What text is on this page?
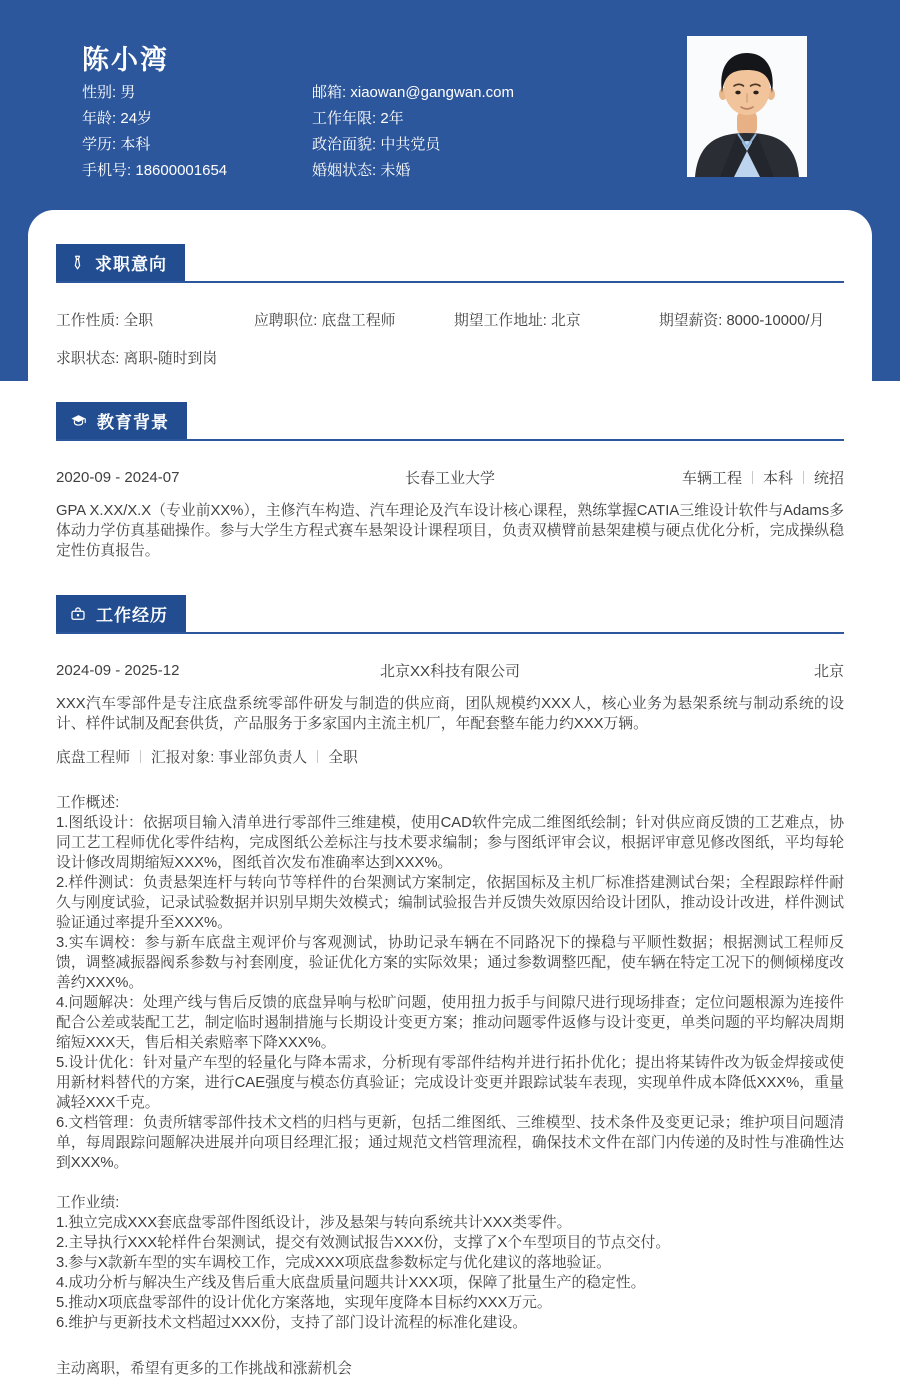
陈小湾
性别 : 男
年龄 : 24岁
学历 : 本科
手机号 : 18600001654
邮箱 : xiaowan@gangwan.com
工作年限 : 2年
政治面貌 : 中共党员
婚姻状态 : 未婚
求职意向
工作性质 : 全职	应聘职位 : 底盘工程师	期望工作地址 : 北京	期望薪资 : 8000-10000/月
求职状态 : 离职-随时到岗
教育背景
2020-09 - 2024-07	长春工业大学	车辆工程 本科 统招

GPA X.XX/X.X（专业前XX%），主修汽车构造、汽车理论及汽车设计核心课程，熟练掌握CATIA三维设计软件与Adams多体动力学仿真基础操作。参与大学生方程式赛车悬架设计课程项目，负责双横臂前悬架建模与硬点优化分析，完成操纵稳定性仿真报告。

工作经历
2024-09 - 2025-12	北京XX科技有限公司	北京

XXX汽车零部件是专注底盘系统零部件研发与制造的供应商，团队规模约XXX人，核心业务为悬架系统与制动系统的设计、样件试制及配套供货，产品服务于多家国内主流主机厂，年配套整车能力约XXX万辆。

底盘工程师 汇报对象: 事业部负责人 全职

工作概述:

1.图纸设计：依据项目输入清单进行零部件三维建模，使用CAD软件完成二维图纸绘制；针对供应商反馈的工艺难点，协同工艺工程师优化零件结构，完成图纸公差标注与技术要求编制；参与图纸评审会议，根据评审意见修改图纸，平均每轮设计修改周期缩短XXX%，图纸首次发布准确率达到XXX%。

2.样件测试：负责悬架连杆与转向节等样件的台架测试方案制定，依据国标及主机厂标准搭建测试台架；全程跟踪样件耐久与刚度试验，记录试验数据并识别早期失效模式；编制试验报告并反馈失效原因给设计团队，推动设计改进，样件测试验证通过率提升至XXX%。

3.实车调校：参与新车底盘主观评价与客观测试，协助记录车辆在不同路况下的操稳与平顺性数据；根据测试工程师反馈，调整减振器阀系参数与衬套刚度，验证优化方案的实际效果；通过参数调整匹配，使车辆在特定工况下的侧倾梯度改善约XXX%。

4.问题解决：处理产线与售后反馈的底盘异响与松旷问题，使用扭力扳手与间隙尺进行现场排查；定位问题根源为连接件配合公差或装配工艺，制定临时遏制措施与长期设计变更方案；推动问题零件返修与设计变更，单类问题的平均解决周期缩短XXX天，售后相关索赔率下降XXX%。

5.设计优化：针对量产车型的轻量化与降本需求，分析现有零部件结构并进行拓扑优化；提出将某铸件改为钣金焊接或使用新材料替代的方案，进行CAE强度与模态仿真验证；完成设计变更并跟踪试装车表现，实现单件成本降低XXX%，重量减轻XXX千克。

6.文档管理：负责所辖零部件技术文档的归档与更新，包括二维图纸、三维模型、技术条件及变更记录；维护项目问题清单，每周跟踪问题解决进展并向项目经理汇报；通过规范文档管理流程，确保技术文件在部门内传递的及时性与准确性达到XXX%。

工作业绩:

1.独立完成XXX套底盘零部件图纸设计，涉及悬架与转向系统共计XXX类零件。

2.主导执行XXX轮样件台架测试，提交有效测试报告XXX份，支撑了X个车型项目的节点交付。

3.参与X款新车型的实车调校工作，完成XXX项底盘参数标定与优化建议的落地验证。

4.成功分析与解决生产线及售后重大底盘质量问题共计XXX项，保障了批量生产的稳定性。

5.推动X项底盘零部件的设计优化方案落地，实现年度降本目标约XXX万元。

6.维护与更新技术文档超过XXX份，支持了部门设计流程的标准化建设。

主动离职，希望有更多的工作挑战和涨薪机会
